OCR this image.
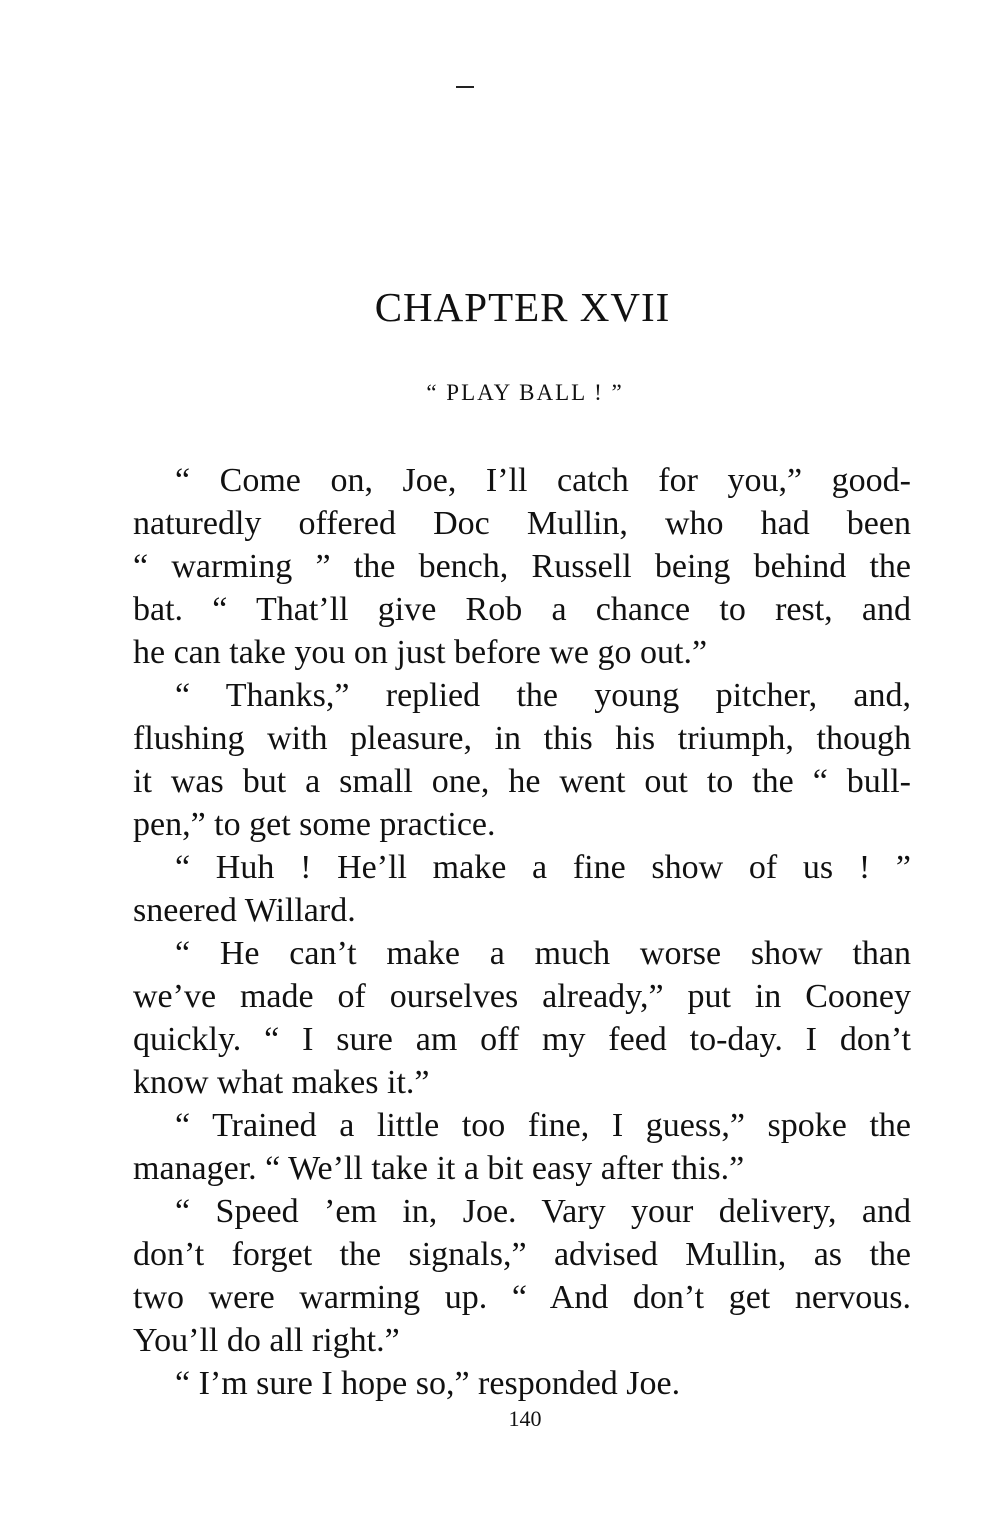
CHAPTER XVII
“ PLAY BALL ! ”
“ Come on, Joe, I’ll catch for you,” good-
naturedly offered Doc Mullin, who had been
“ warming ” the bench, Russell being behind the
bat. “ That’ll give Rob a chance to rest, and
he can take you on just before we go out.”
“ Thanks,” replied the young pitcher, and,
flushing with pleasure, in this his triumph, though
it was but a small one, he went out to the “ bull-
pen,” to get some practice.
“ Huh ! He’ll make a fine show of us ! ”
sneered Willard.
“ He can’t make a much worse show than
we’ve made of ourselves already,” put in Cooney
quickly. “ I sure am off my feed to-day. I don’t
know what makes it.”
“ Trained a little too fine, I guess,” spoke the
manager. “ We’ll take it a bit easy after this.”
“ Speed ’em in, Joe. Vary your delivery, and
don’t forget the signals,” advised Mullin, as the
two were warming up. “ And don’t get nervous.
You’ll do all right.”
“ I’m sure I hope so,” responded Joe.
140
